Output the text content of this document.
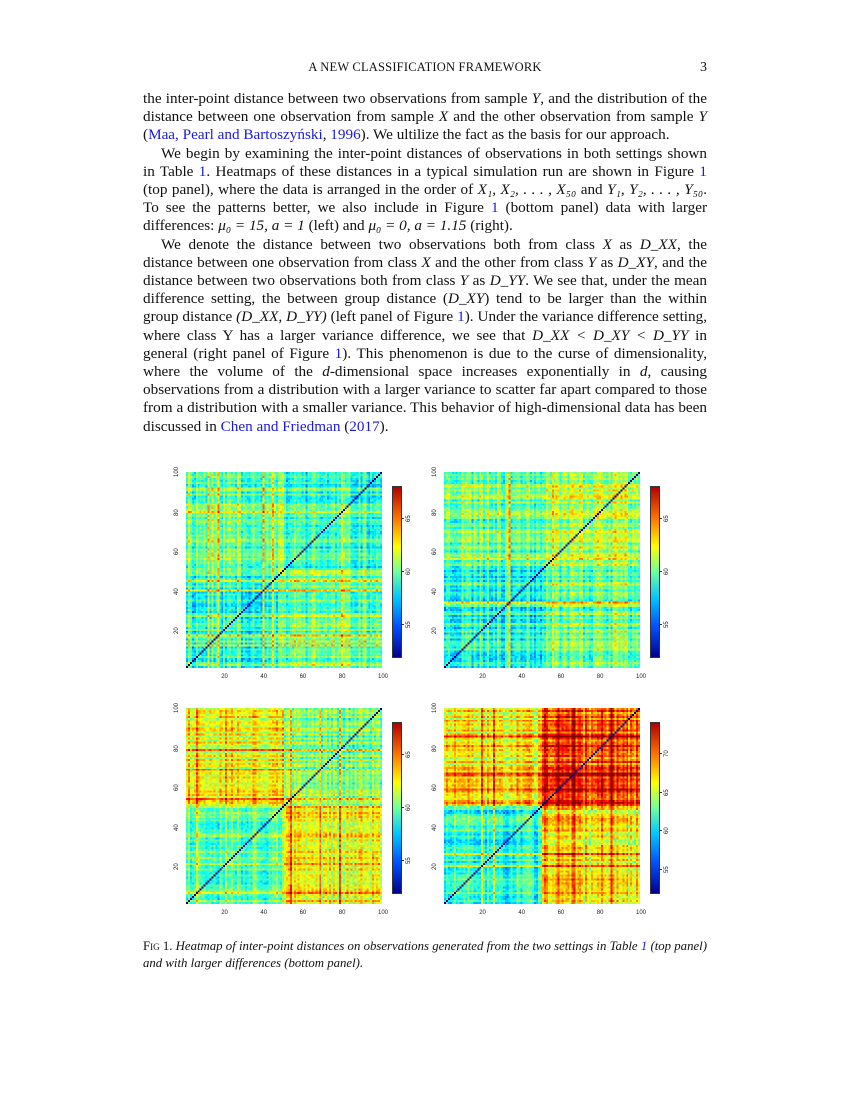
A NEW CLASSIFICATION FRAMEWORK	3

the inter-point distance between two observations from sample Y, and the distribution of the distance between one observation from sample X and the other observation from sample Y (Maa, Pearl and Bartoszyński, 1996). We ultilize the fact as the basis for our approach.

We begin by examining the inter-point distances of observations in both settings shown in Table 1. Heatmaps of these distances in a typical simulation run are shown in Figure 1 (top panel), where the data is arranged in the order of X₁, X₂, . . . , X₅₀ and Y₁, Y₂, . . . , Y₅₀. To see the patterns better, we also include in Figure 1 (bottom panel) data with larger differences: μ₀ = 15, a = 1 (left) and μ₀ = 0, a = 1.15 (right).

We denote the distance between two observations both from class X as D_XX, the distance between one observation from class X and the other from class Y as D_XY, and the distance between two observations both from class Y as D_YY. We see that, under the mean difference setting, the between group distance (D_XY) tend to be larger than the within group distance (D_XX, D_YY) (left panel of Figure 1). Under the variance difference setting, where class Y has a larger variance difference, we see that D_XX < D_XY < D_YY in general (right panel of Figure 1). This phenomenon is due to the curse of dimensionality, where the volume of the d-dimensional space increases exponentially in d, causing observations from a distribution with a larger variance to scatter far apart compared to those from a distribution with a smaller variance. This behavior of high-dimensional data has been discussed in Chen and Friedman (2017).

20	40	60	80	100
20
40
60
80
100
55
60
65
20	40	60	80	100
20
40
60
80
100
55
60
65
20	40	60	80	100
20
40
60
80
100
55
60
65
20	40	60	80	100
20
40
60
80
100
55
60
65
70
Fig 1. Heatmap of inter-point distances on observations generated from the two settings in Table 1 (top panel) and with larger differences (bottom panel).
